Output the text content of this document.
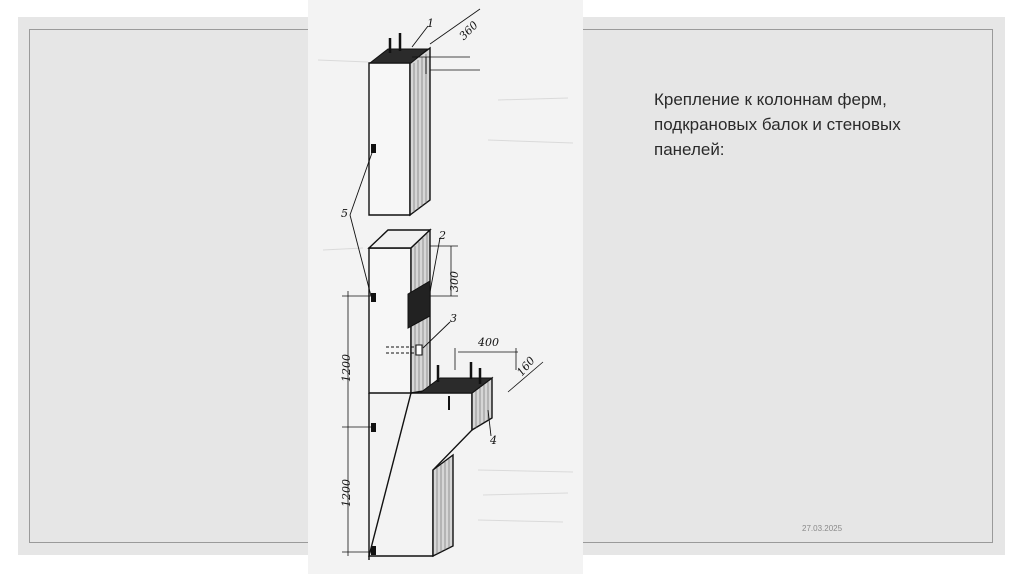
1
5
2
3
4
360
300
400
160
1200
1200

Крепление к колоннам ферм, подкрановых балок и стеновых панелей:

27.03.2025
